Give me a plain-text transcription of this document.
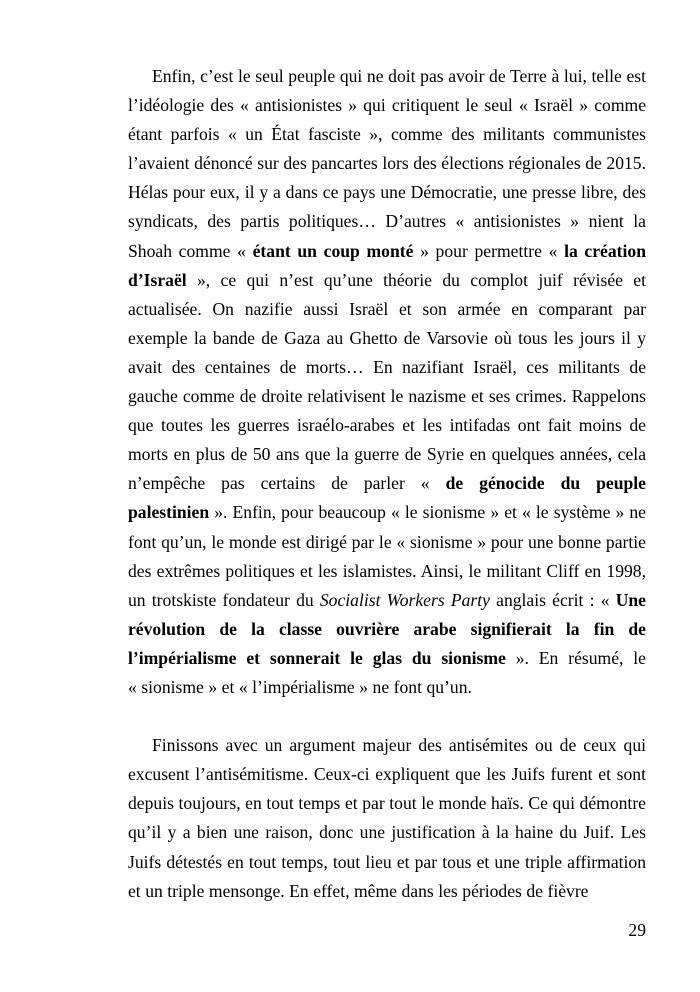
Enfin, c’est le seul peuple qui ne doit pas avoir de Terre à lui, telle est l’idéologie des « antisionistes » qui critiquent le seul « Israël » comme étant parfois « un État fasciste », comme des militants communistes l’avaient dénoncé sur des pancartes lors des élections régionales de 2015. Hélas pour eux, il y a dans ce pays une Démocratie, une presse libre, des syndicats, des partis politiques… D’autres « antisionistes » nient la Shoah comme « étant un coup monté » pour permettre « la création d’Israël », ce qui n’est qu’une théorie du complot juif révisée et actualisée. On nazifie aussi Israël et son armée en comparant par exemple la bande de Gaza au Ghetto de Varsovie où tous les jours il y avait des centaines de morts… En nazifiant Israël, ces militants de gauche comme de droite relativisent le nazisme et ses crimes. Rappelons que toutes les guerres israélo-arabes et les intifadas ont fait moins de morts en plus de 50 ans que la guerre de Syrie en quelques années, cela n’empêche pas certains de parler « de génocide du peuple palestinien ». Enfin, pour beaucoup « le sionisme » et « le système » ne font qu’un, le monde est dirigé par le « sionisme » pour une bonne partie des extrêmes politiques et les islamistes. Ainsi, le militant Cliff en 1998, un trotskiste fondateur du Socialist Workers Party anglais écrit : « Une révolution de la classe ouvrière arabe signifierait la fin de l’impérialisme et sonnerait le glas du sionisme ». En résumé, le « sionisme » et « l’impérialisme » ne font qu’un.

Finissons avec un argument majeur des antisémites ou de ceux qui excusent l’antisémitisme. Ceux-ci expliquent que les Juifs furent et sont depuis toujours, en tout temps et par tout le monde haïs. Ce qui démontre qu’il y a bien une raison, donc une justification à la haine du Juif. Les Juifs détestés en tout temps, tout lieu et par tous et une triple affirmation et un triple mensonge. En effet, même dans les périodes de fièvre

29
